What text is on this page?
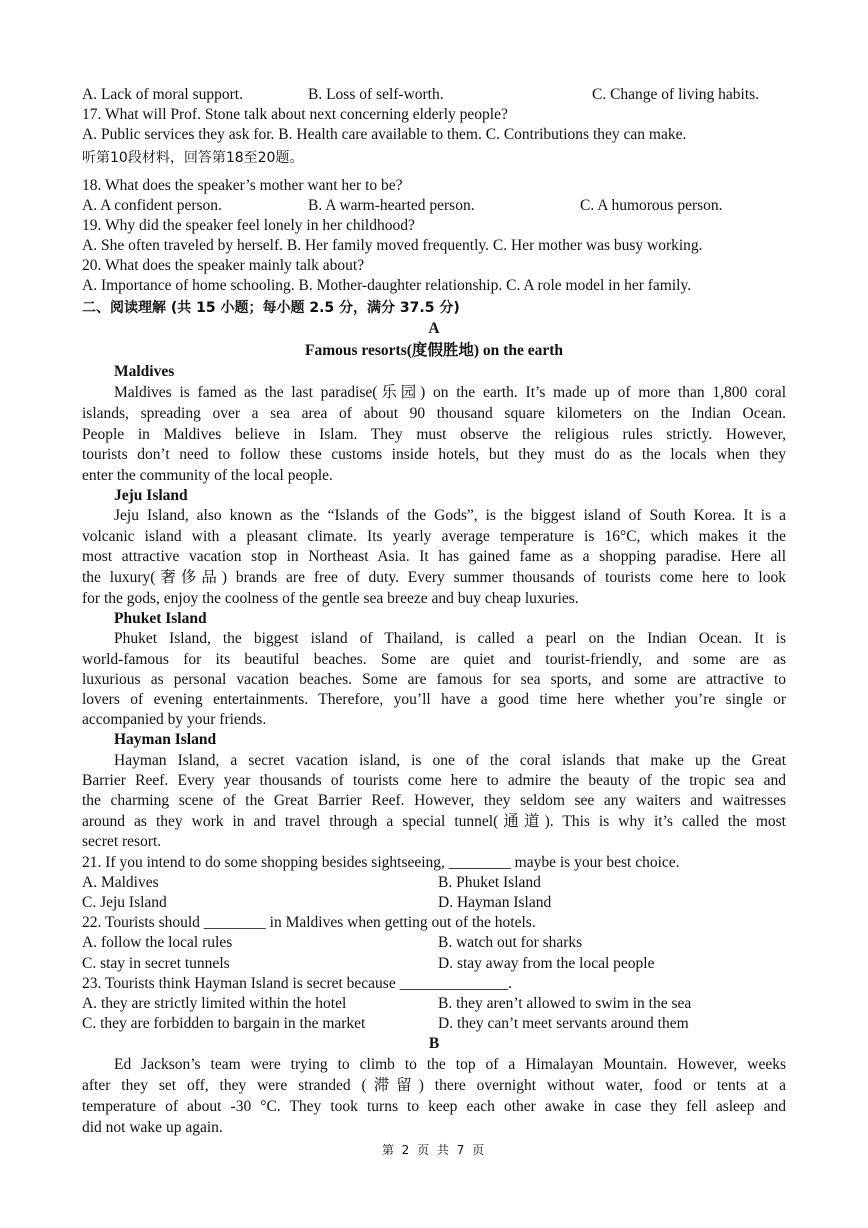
A. Lack of moral support.	B. Loss of self-worth.	C. Change of living habits.
17. What will Prof. Stone talk about next concerning elderly people?
A. Public services they ask for. B. Health care available to them. C. Contributions they can make.
听第10段材料，回答第18至20题。
18. What does the speaker’s mother want her to be?
A. A confident person.	B. A warm-hearted person.	C. A humorous person.
19. Why did the speaker feel lonely in her childhood?
A. She often traveled by herself. B. Her family moved frequently. C. Her mother was busy working.
20. What does the speaker mainly talk about?
A. Importance of home schooling. B. Mother-daughter relationship. C. A role model in her family.
二、阅读理解 (共 15 小题；每小题 2.5 分，满分 37.5 分)
A
Famous resorts(度假胜地) on the earth
Maldives
Maldives is famed as the last paradise(乐园) on the earth. It’s made up of more than 1,800 coral
islands, spreading over a sea area of about 90 thousand square kilometers on the Indian Ocean.
People in Maldives believe in Islam. They must observe the religious rules strictly. However,
tourists don’t need to follow these customs inside hotels, but they must do as the locals when they
enter the community of the local people.
Jeju Island
Jeju Island, also known as the “Islands of the Gods”, is the biggest island of South Korea. It is a
volcanic island with a pleasant climate. Its yearly average temperature is 16°C, which makes it the
most attractive vacation stop in Northeast Asia. It has gained fame as a shopping paradise. Here all
the luxury(奢侈品) brands are free of duty. Every summer thousands of tourists come here to look
for the gods, enjoy the coolness of the gentle sea breeze and buy cheap luxuries.
Phuket Island
Phuket Island, the biggest island of Thailand, is called a pearl on the Indian Ocean. It is
world-famous for its beautiful beaches. Some are quiet and tourist-friendly, and some are as
luxurious as personal vacation beaches. Some are famous for sea sports, and some are attractive to
lovers of evening entertainments. Therefore, you’ll have a good time here whether you’re single or
accompanied by your friends.
Hayman Island
Hayman Island, a secret vacation island, is one of the coral islands that make up the Great
Barrier Reef. Every year thousands of tourists come here to admire the beauty of the tropic sea and
the charming scene of the Great Barrier Reef. However, they seldom see any waiters and waitresses
around as they work in and travel through a special tunnel(通道). This is why it’s called the most
secret resort.
21. If you intend to do some shopping besides sightseeing, ________ maybe is your best choice.
A. Maldives	B. Phuket Island
C. Jeju Island	D. Hayman Island
22. Tourists should ________ in Maldives when getting out of the hotels.
A. follow the local rules	B. watch out for sharks
C. stay in secret tunnels	D. stay away from the local people
23. Tourists think Hayman Island is secret because ______________.
A. they are strictly limited within the hotel	B. they aren’t allowed to swim in the sea
C. they are forbidden to bargain in the market	D. they can’t meet servants around them
B
Ed Jackson’s team were trying to climb to the top of a Himalayan Mountain. However, weeks
after they set off, they were stranded (滞留) there overnight without water, food or tents at a
temperature of about -30 °C. They took turns to keep each other awake in case they fell asleep and
did not wake up again.
第 2 页 共 7 页
